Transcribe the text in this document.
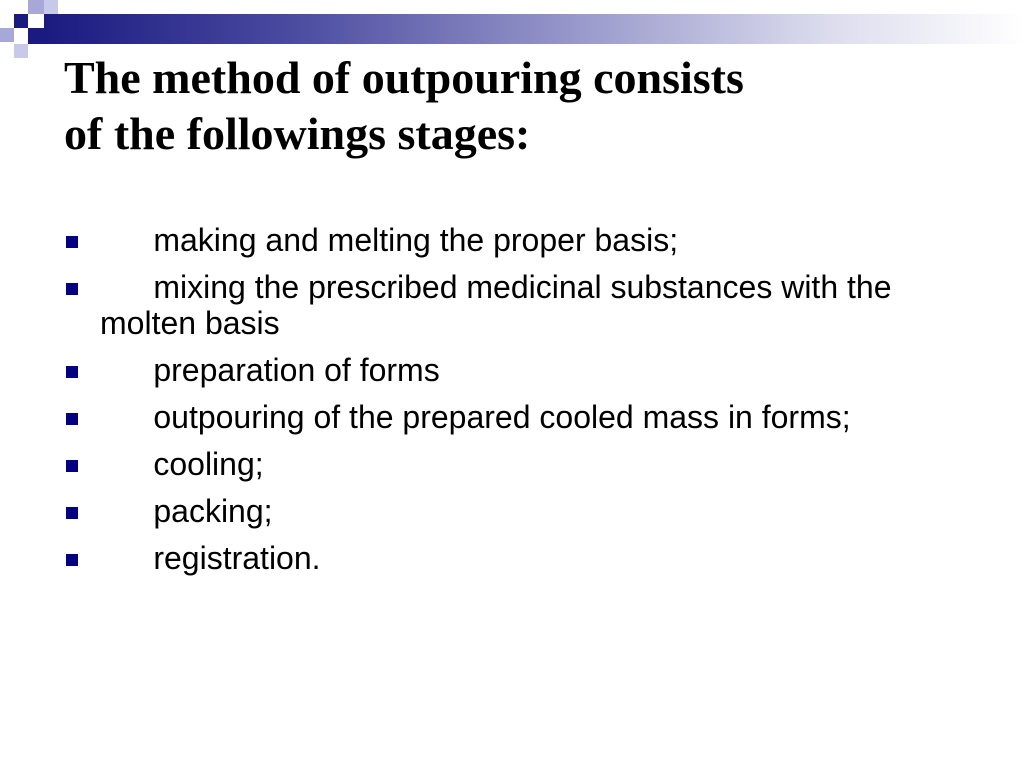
The method of outpouring consists
of the followings stages:
making and melting the proper basis;
mixing the prescribed medicinal substances with the molten basis
preparation of forms
outpouring of the prepared cooled mass in forms;
cooling;
packing;
registration.
